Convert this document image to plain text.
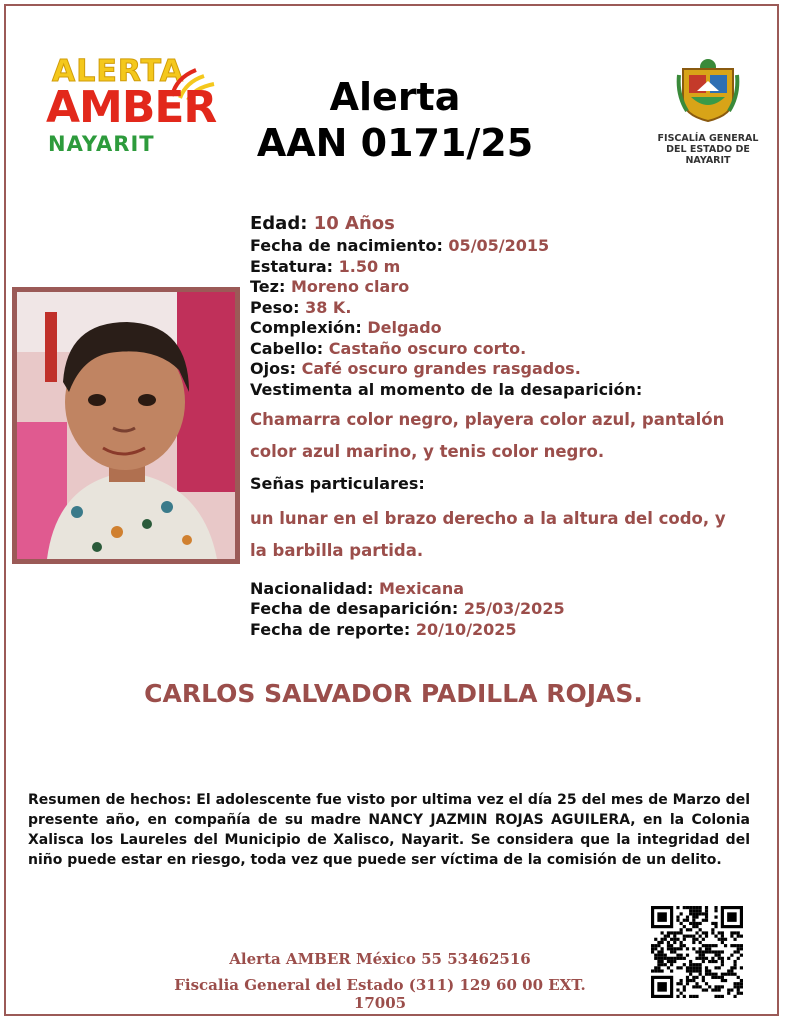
ALERTA
AMBER
NAYARIT
Alerta
AAN 0171/25	FISCALÍA GENERAL
DEL ESTADO DE
NAYARIT
Edad: 10 Años
Fecha de nacimiento: 05/05/2015
Estatura: 1.50 m
Tez: Moreno claro
Peso: 38 K.
Complexión: Delgado
Cabello: Castaño oscuro corto.
Ojos: Café oscuro grandes rasgados.
Vestimenta al momento de la desaparición:
Chamarra color negro, playera color azul, pantalón
color azul marino, y tenis color negro.
Señas particulares:
un lunar en el brazo derecho a la altura del codo, y
la barbilla partida.
Nacionalidad: Mexicana
Fecha de desaparición: 25/03/2025
Fecha de reporte: 20/10/2025
CARLOS SALVADOR PADILLA ROJAS.
Resumen de hechos: El adolescente fue visto por ultima vez el día 25 del mes de Marzo del presente año, en compañía de su madre NANCY JAZMIN ROJAS AGUILERA, en la Colonia Xalisca los Laureles del Municipio de Xalisco, Nayarit. Se considera que la integridad del niño puede estar en riesgo, toda vez que puede ser víctima de la comisión de un delito.
Alerta AMBER México 55 53462516
Fiscalia General del Estado (311) 129 60 00 EXT. 17005
